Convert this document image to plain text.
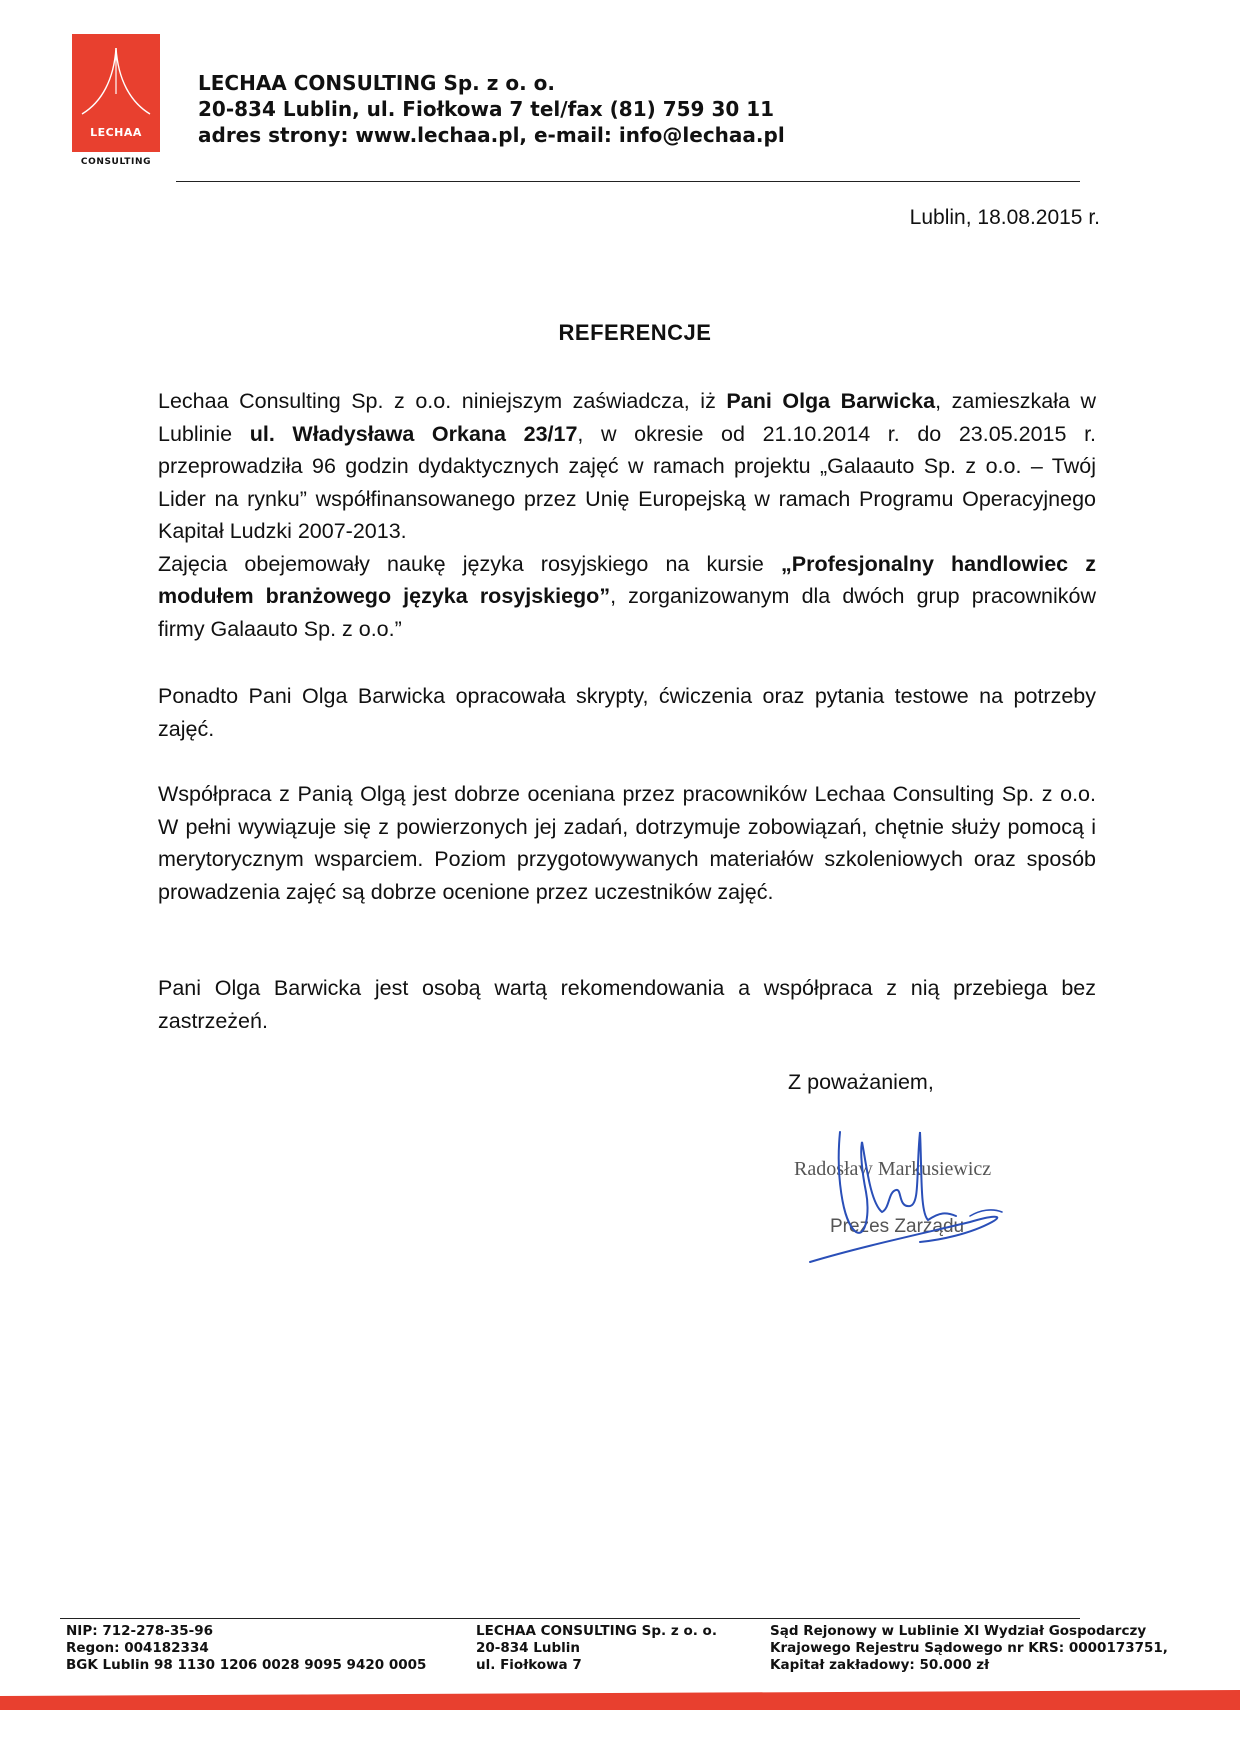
LECHAA
CONSULTING
LECHAA CONSULTING Sp. z o. o.
20-834 Lublin, ul. Fiołkowa 7 tel/fax (81) 759 30 11
adres strony: www.lechaa.pl, e-mail: info@lechaa.pl
Lublin, 18.08.2015 r.
REFERENCJE
Lechaa Consulting Sp. z o.o. niniejszym zaświadcza, iż Pani Olga Barwicka, zamieszkała w Lublinie ul. Władysława Orkana 23/17, w okresie od 21.10.2014 r. do 23.05.2015 r. przeprowadziła 96 godzin dydaktycznych zajęć w ramach projektu „Galaauto Sp. z o.o. – Twój Lider na rynku” współfinansowanego przez Unię Europejską w ramach Programu Operacyjnego Kapitał Ludzki 2007-2013.
Zajęcia obejemowały naukę języka rosyjskiego na kursie „Profesjonalny handlowiec z modułem branżowego języka rosyjskiego”, zorganizowanym dla dwóch grup pracowników firmy Galaauto Sp. z o.o.”
Ponadto Pani Olga Barwicka opracowała skrypty, ćwiczenia oraz pytania testowe na potrzeby zajęć.
Współpraca z Panią Olgą jest dobrze oceniana przez pracowników Lechaa Consulting Sp. z o.o. W pełni wywiązuje się z powierzonych jej zadań, dotrzymuje zobowiązań, chętnie służy pomocą i merytorycznym wsparciem. Poziom przygotowywanych materiałów szkoleniowych oraz sposób prowadzenia zajęć są dobrze ocenione przez uczestników zajęć.
Pani Olga Barwicka jest osobą wartą rekomendowania a współpraca z nią przebiega bez zastrzeżeń.
Z poważaniem,
Radosław Markusiewicz
Prezes Zarządu
NIP: 712-278-35-96
Regon: 004182334
BGK Lublin 98 1130 1206 0028 9095 9420 0005
LECHAA CONSULTING Sp. z o. o.
20-834 Lublin
ul. Fiołkowa 7
Sąd Rejonowy w Lublinie XI Wydział Gospodarczy
Krajowego Rejestru Sądowego nr KRS: 0000173751,
Kapitał zakładowy: 50.000 zł
